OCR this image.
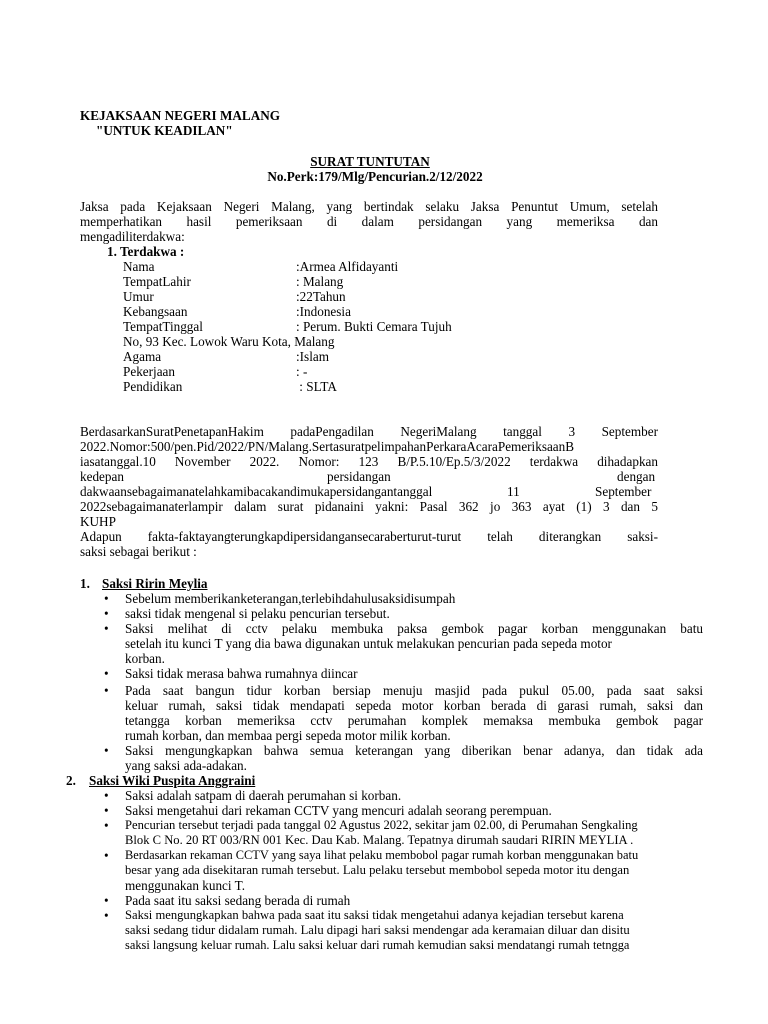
KEJAKSAAN NEGERI MALANG
"UNTUK KEADILAN"
SURAT TUNTUTAN
No.Perk:179/Mlg/Pencurian.2/12/2022
Jaksa pada Kejaksaan Negeri Malang, yang bertindak selaku Jaksa Penuntut Umum, setelah
memperhatikan hasil pemeriksaan di dalam persidangan yang memeriksa dan
mengadiliterdakwa:
1. Terdakwa :
Nama	:Armea Alfidayanti
TempatLahir	: Malang
Umur	:22Tahun
Kebangsaan	:Indonesia
TempatTinggal	: Perum. Bukti Cemara Tujuh
No, 93 Kec. Lowok Waru Kota, Malang
Agama	:Islam
Pekerjaan	: -
Pendidikan	: SLTA
BerdasarkanSuratPenetapanHakim padaPengadilan NegeriMalang tanggal 3 September
2022.Nomor:500/pen.Pid/2022/PN/Malang.SertasuratpelimpahanPerkaraAcaraPemeriksaanB
iasatanggal.10 November 2022. Nomor: 123 B/P.5.10/Ep.5/3/2022 terdakwa dihadapkan
kedepan	persidangan	dengan
dakwaansebagaimanatelahkamibacakandimukapersidangantanggal	11	September
2022sebagaimanaterlampir dalam surat pidanaini yakni: Pasal 362 jo 363 ayat (1) 3 dan 5
KUHP
Adapun fakta-faktayangterungkapdipersidangansecaraberturut-turut telah diterangkan saksi-
saksi sebagai berikut :
1. Saksi Ririn Meylia
• Sebelum memberikanketerangan,terlebihdahulusaksidisumpah
• saksi tidak mengenal si pelaku pencurian tersebut.
• Saksi melihat di cctv pelaku membuka paksa gembok pagar korban menggunakan batu
setelah itu kunci T yang dia bawa digunakan untuk melakukan pencurian pada sepeda motor
korban.
• Saksi tidak merasa bahwa rumahnya diincar
• Pada saat bangun tidur korban bersiap menuju masjid pada pukul 05.00, pada saat saksi
keluar rumah, saksi tidak mendapati sepeda motor korban berada di garasi rumah, saksi dan
tetangga korban memeriksa cctv perumahan komplek memaksa membuka gembok pagar
rumah korban, dan membaa pergi sepeda motor milik korban.
• Saksi mengungkapkan bahwa semua keterangan yang diberikan benar adanya, dan tidak ada
yang saksi ada-adakan.
2. Saksi Wiki Puspita Anggraini
• Saksi adalah satpam di daerah perumahan si korban.
• Saksi mengetahui dari rekaman CCTV yang mencuri adalah seorang perempuan.
• Pencurian tersebut terjadi pada tanggal 02 Agustus 2022, sekitar jam 02.00, di Perumahan Sengkaling
Blok C No. 20 RT 003/RN 001 Kec. Dau Kab. Malang. Tepatnya dirumah saudari RIRIN MEYLIA .
• Berdasarkan rekaman CCTV yang saya lihat pelaku membobol pagar rumah korban menggunakan batu
besar yang ada disekitaran rumah tersebut. Lalu pelaku tersebut membobol sepeda motor itu dengan
menggunakan kunci T.
• Pada saat itu saksi sedang berada di rumah
• Saksi mengungkapkan bahwa pada saat itu saksi tidak mengetahui adanya kejadian tersebut karena
saksi sedang tidur didalam rumah. Lalu dipagi hari saksi mendengar ada keramaian diluar dan disitu
saksi langsung keluar rumah. Lalu saksi keluar dari rumah kemudian saksi mendatangi rumah tetngga
